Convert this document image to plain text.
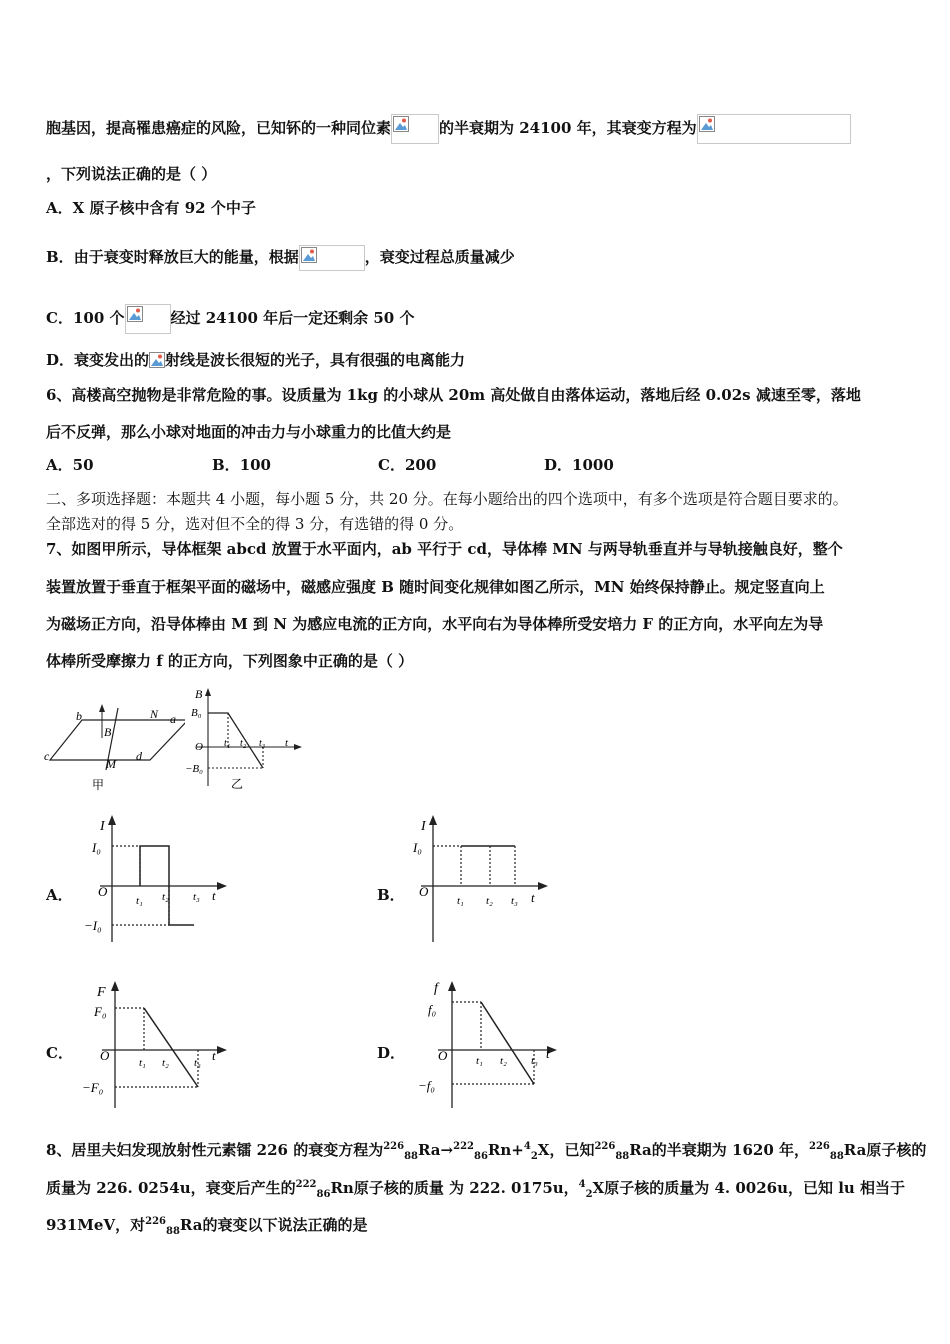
胞基因，提高罹患癌症的风险，已知钚的一种同位素	的半衰期为 24100 年，其衰变方程为
，下列说法正确的是（ ）
A．X 原子核中含有 92 个中子
B．由于衰变时释放巨大的能量，根据	，衰变过程总质量减少
C．100 个	经过 24100 年后一定还剩余 50 个
D．衰变发出的 射线是波长很短的光子，具有很强的电离能力
6、高楼高空抛物是非常危险的事。设质量为 1kg 的小球从 20m 高处做自由落体运动，落地后经 0.02s 减速至零，落地
后不反弹，那么小球对地面的冲击力与小球重力的比值大约是
A．50	B．100	C．200	D．1000
二、多项选择题：本题共 4 小题，每小题 5 分，共 20 分。在每小题给出的四个选项中，有多个选项是符合题目要求的。
全部选对的得 5 分，选对但不全的得 3 分，有选错的得 0 分。
7、如图甲所示，导体框架 abcd 放置于水平面内，ab 平行于 cd，导体棒 MN 与两导轨垂直并与导轨接触良好，整个
装置放置于垂直于框架平面的磁场中，磁感应强度 B 随时间变化规律如图乙所示，MN 始终保持静止。规定竖直向上
为磁场正方向，沿导体棒由 M 到 N 为感应电流的正方向，水平向右为导体棒所受安培力 F 的正方向，水平向左为导
体棒所受摩擦力 f 的正方向，下列图象中正确的是（ ）
b	N a
B
c
M
d
甲
B
B₀
O t₁ t₂ t₃ t
−B₀
乙
A．
I
I₀
O
t₁ t₂ t₃ t
−I₀
B．
I
I₀
O
t₁ t₂ t₃ t
C．
F
F₀
O	t₁ t₂ t₃ t
−F₀
D．
f
f₀
O	t₁ t₂ t₃ t
−f₀
8、居里夫妇发现放射性元素镭 226 的衰变方程为$^{226}_{88}$Ra→$^{222}_{86}$Rn+$^4_2$X，已知$^{226}_{88}$Ra的半衰期为 1620 年，$^{226}_{88}$Ra原子核的
质量为 226. 0254u，衰变后产生的$^{222}_{86}$Rn原子核的质量 为 222. 0175u，$^4_2$X原子核的质量为 4. 0026u，已知 lu 相当于
931MeV，对$^{226}_{88}$Ra的衰变以下说法正确的是
